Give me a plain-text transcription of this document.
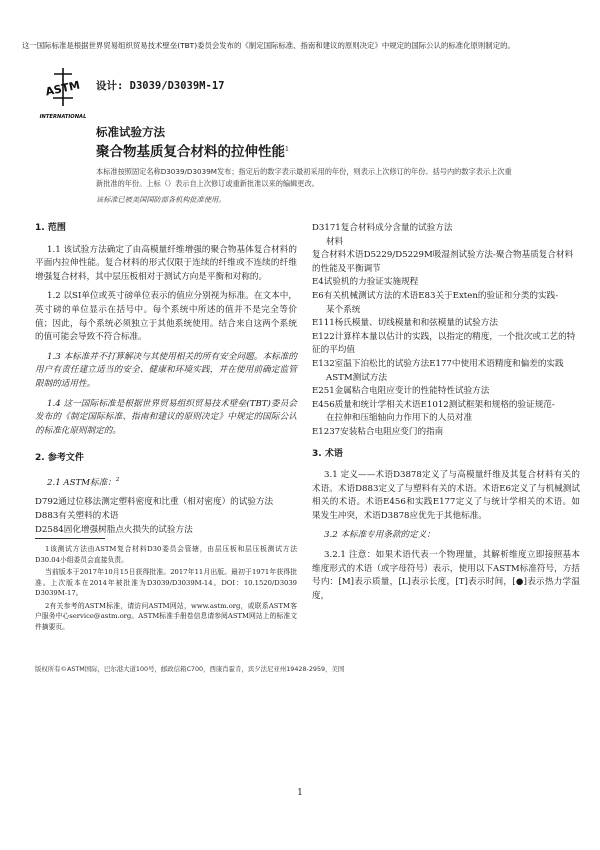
这一国际标准是根据世界贸易组织贸易技术壁垒(TBT)委员会发布的《制定国际标准、指南和建议的原则决定》中规定的国际公认的标准化原则制定的。
ASTM
INTERNATIONAL
设计: D3039/D3039M-17
标准试验方法
聚合物基质复合材料的拉伸性能$^1$
本标准按照固定名称D3039/D3039M发布；指定后的数字表示最初采用的年份，则表示上次修订的年份。括号内的数字表示上次重新批准的年份。上标（）表示自上次修订或重新批准以来的编辑更改。
该标准已被美国国防部各机构批准使用。
1. 范围

1.1 该试验方法确定了由高模量纤维增强的聚合物基体复合材料的平面内拉伸性能。复合材料的形式仅限于连续的纤维或不连续的纤维增强复合材料，其中层压板相对于测试方向是平衡和对称的。

1.2 以SI单位或英寸磅单位表示的值应分别视为标准。在文本中，英寸磅的单位显示在括号中。每个系统中所述的值并不是完全等价值；因此，每个系统必须独立于其他系统使用。结合来自这两个系统的值可能会导致不符合标准。

1.3 本标准并不打算解决与其使用相关的所有安全问题。本标准的用户有责任建立适当的安全、健康和环境实践，并在使用前确定监管限制的适用性。

1.4 这一国际标准是根据世界贸易组织贸易技术壁垒(TBT)委员会发布的《制定国际标准、指南和建议的原则决定》中规定的国际公认的标准化原则制定的。

2. 参考文件

2.1 ASTM标准：$^2$

D792通过位移法测定塑料密度和比重（相对密度）的试验方法
D883有关塑料的术语
D2584固化增强树脂点火损失的试验方法

1该测试方法由ASTM复合材料D30委员会管辖，由层压板和层压板测试方法D30.04小组委员会直接负责。

当前版本于2017年10月15日获得批准。2017年11月出版。最初于1971年获得批准。上次版本在2014年被批准为D3039/D3039M-14。DOI：10.1520/D3039 D3039M-17。

2有关参考的ASTM标准，请访问ASTM网站，www.astm.org，或联系ASTM客户服务中心service@astm.org。ASTM标准手册卷信息请参阅ASTM网站上的标准文件摘要页。

D3171复合材料成分含量的试验方法
材料
复合材料术语D5229/D5229M吸湿剂试验方法-聚合物基质复合材料的性能及平衡调节
E4试验机的力验证实施规程
E6有关机械测试方法的术语E83关于Exten的验证和分类的实践-
某个系统
E111杨氏模量、切线模量和和弦模量的试验方法
E122计算样本量以估计的实践，以指定的精度，一个批次或工艺的特征的平均值
E132室温下泊松比的试验方法E177中使用术语精度和偏差的实践
ASTM测试方法
E251金属粘合电阻应变计的性能特性试验方法
E456质量和统计学相关术语E1012测试框架和规格的验证规范-
在拉伸和压缩轴向力作用下的人员对准
E1237安装粘合电阻应变门的指南
3. 术语

3.1 定义——术语D3878定义了与高模量纤维及其复合材料有关的术语。术语D883定义了与塑料有关的术语。术语E6定义了与机械测试相关的术语。术语E456和实践E177定义了与统计学相关的术语。如果发生冲突，术语D3878应优先于其他标准。

3.2 本标准专用条款的定义：

3.2.1 注意：如果术语代表一个物理量，其解析维度立即接照基本维度形式的术语（或字母符号）表示，使用以下ASTM标准符号，方括号内：[M]表示质量，[L]表示长度，[T]表示时间，[●]表示热力学温度，

版权所有©ASTM国际，巴尔港大道100号，邮政信箱C700，西康肖霍肯，宾夕法尼亚州19428-2959，美国
1
